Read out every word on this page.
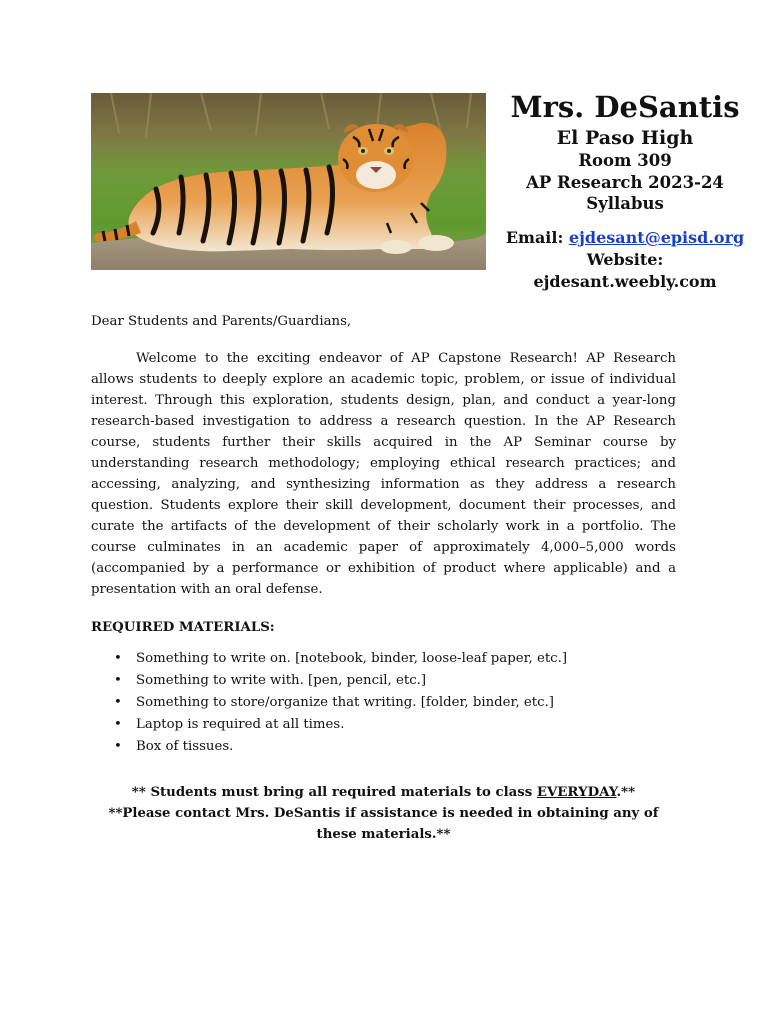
Mrs. DeSantis
El Paso High
Room 309
AP Research 2023-24
Syllabus
Email: ejdesant@episd.org
Website: ejdesant.weebly.com

Dear Students and Parents/Guardians,

Welcome to the exciting endeavor of AP Capstone Research! AP Research allows students to deeply explore an academic topic, problem, or issue of individual interest. Through this exploration, students design, plan, and conduct a year-long research-based investigation to address a research question. In the AP Research course, students further their skills acquired in the AP Seminar course by understanding research methodology; employing ethical research practices; and accessing, analyzing, and synthesizing information as they address a research question. Students explore their skill development, document their processes, and curate the artifacts of the development of their scholarly work in a portfolio. The course culminates in an academic paper of approximately 4,000–5,000 words (accompanied by a performance or exhibition of product where applicable) and a presentation with an oral defense.

REQUIRED MATERIALS:
• Something to write on. [notebook, binder, loose-leaf paper, etc.]
• Something to write with. [pen, pencil, etc.]
• Something to store/organize that writing. [folder, binder, etc.]
• Laptop is required at all times.
• Box of tissues.
** Students must bring all required materials to class EVERYDAY.**
**Please contact Mrs. DeSantis if assistance is needed in obtaining any of these materials.**
